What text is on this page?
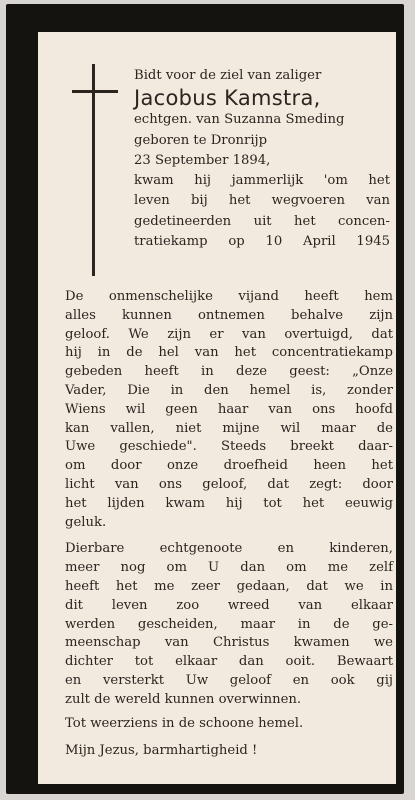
Bidt voor de ziel van zaliger
Jacobus Kamstra,
echtgen. van Suzanna Smeding
geboren te Dronrijp
23 September 1894,
kwam hij jammerlijk 'om het
leven bij het wegvoeren van
gedetineerden uit het concen-
tratiekamp op 10 April 1945

De onmenschelijke vijand heeft hem
alles kunnen ontnemen behalve zijn
geloof. We zijn er van overtuigd, dat
hij in de hel van het concentratiekamp
gebeden heeft in deze geest: „Onze
Vader, Die in den hemel is, zonder
Wiens wil geen haar van ons hoofd
kan vallen, niet mijne wil maar de
Uwe geschiede". Steeds breekt daar-
om door onze droefheid heen het
licht van ons geloof, dat zegt: door
het lijden kwam hij tot het eeuwig
geluk.

Dierbare echtgenoote en kinderen,
meer nog om U dan om me zelf
heeft het me zeer gedaan, dat we in
dit leven zoo wreed van elkaar
werden gescheiden, maar in de ge-
meenschap van Christus kwamen we
dichter tot elkaar dan ooit. Bewaart
en versterkt Uw geloof en ook gij
zult de wereld kunnen overwinnen.

Tot weerziens in de schoone hemel.

Mijn Jezus, barmhartigheid !
